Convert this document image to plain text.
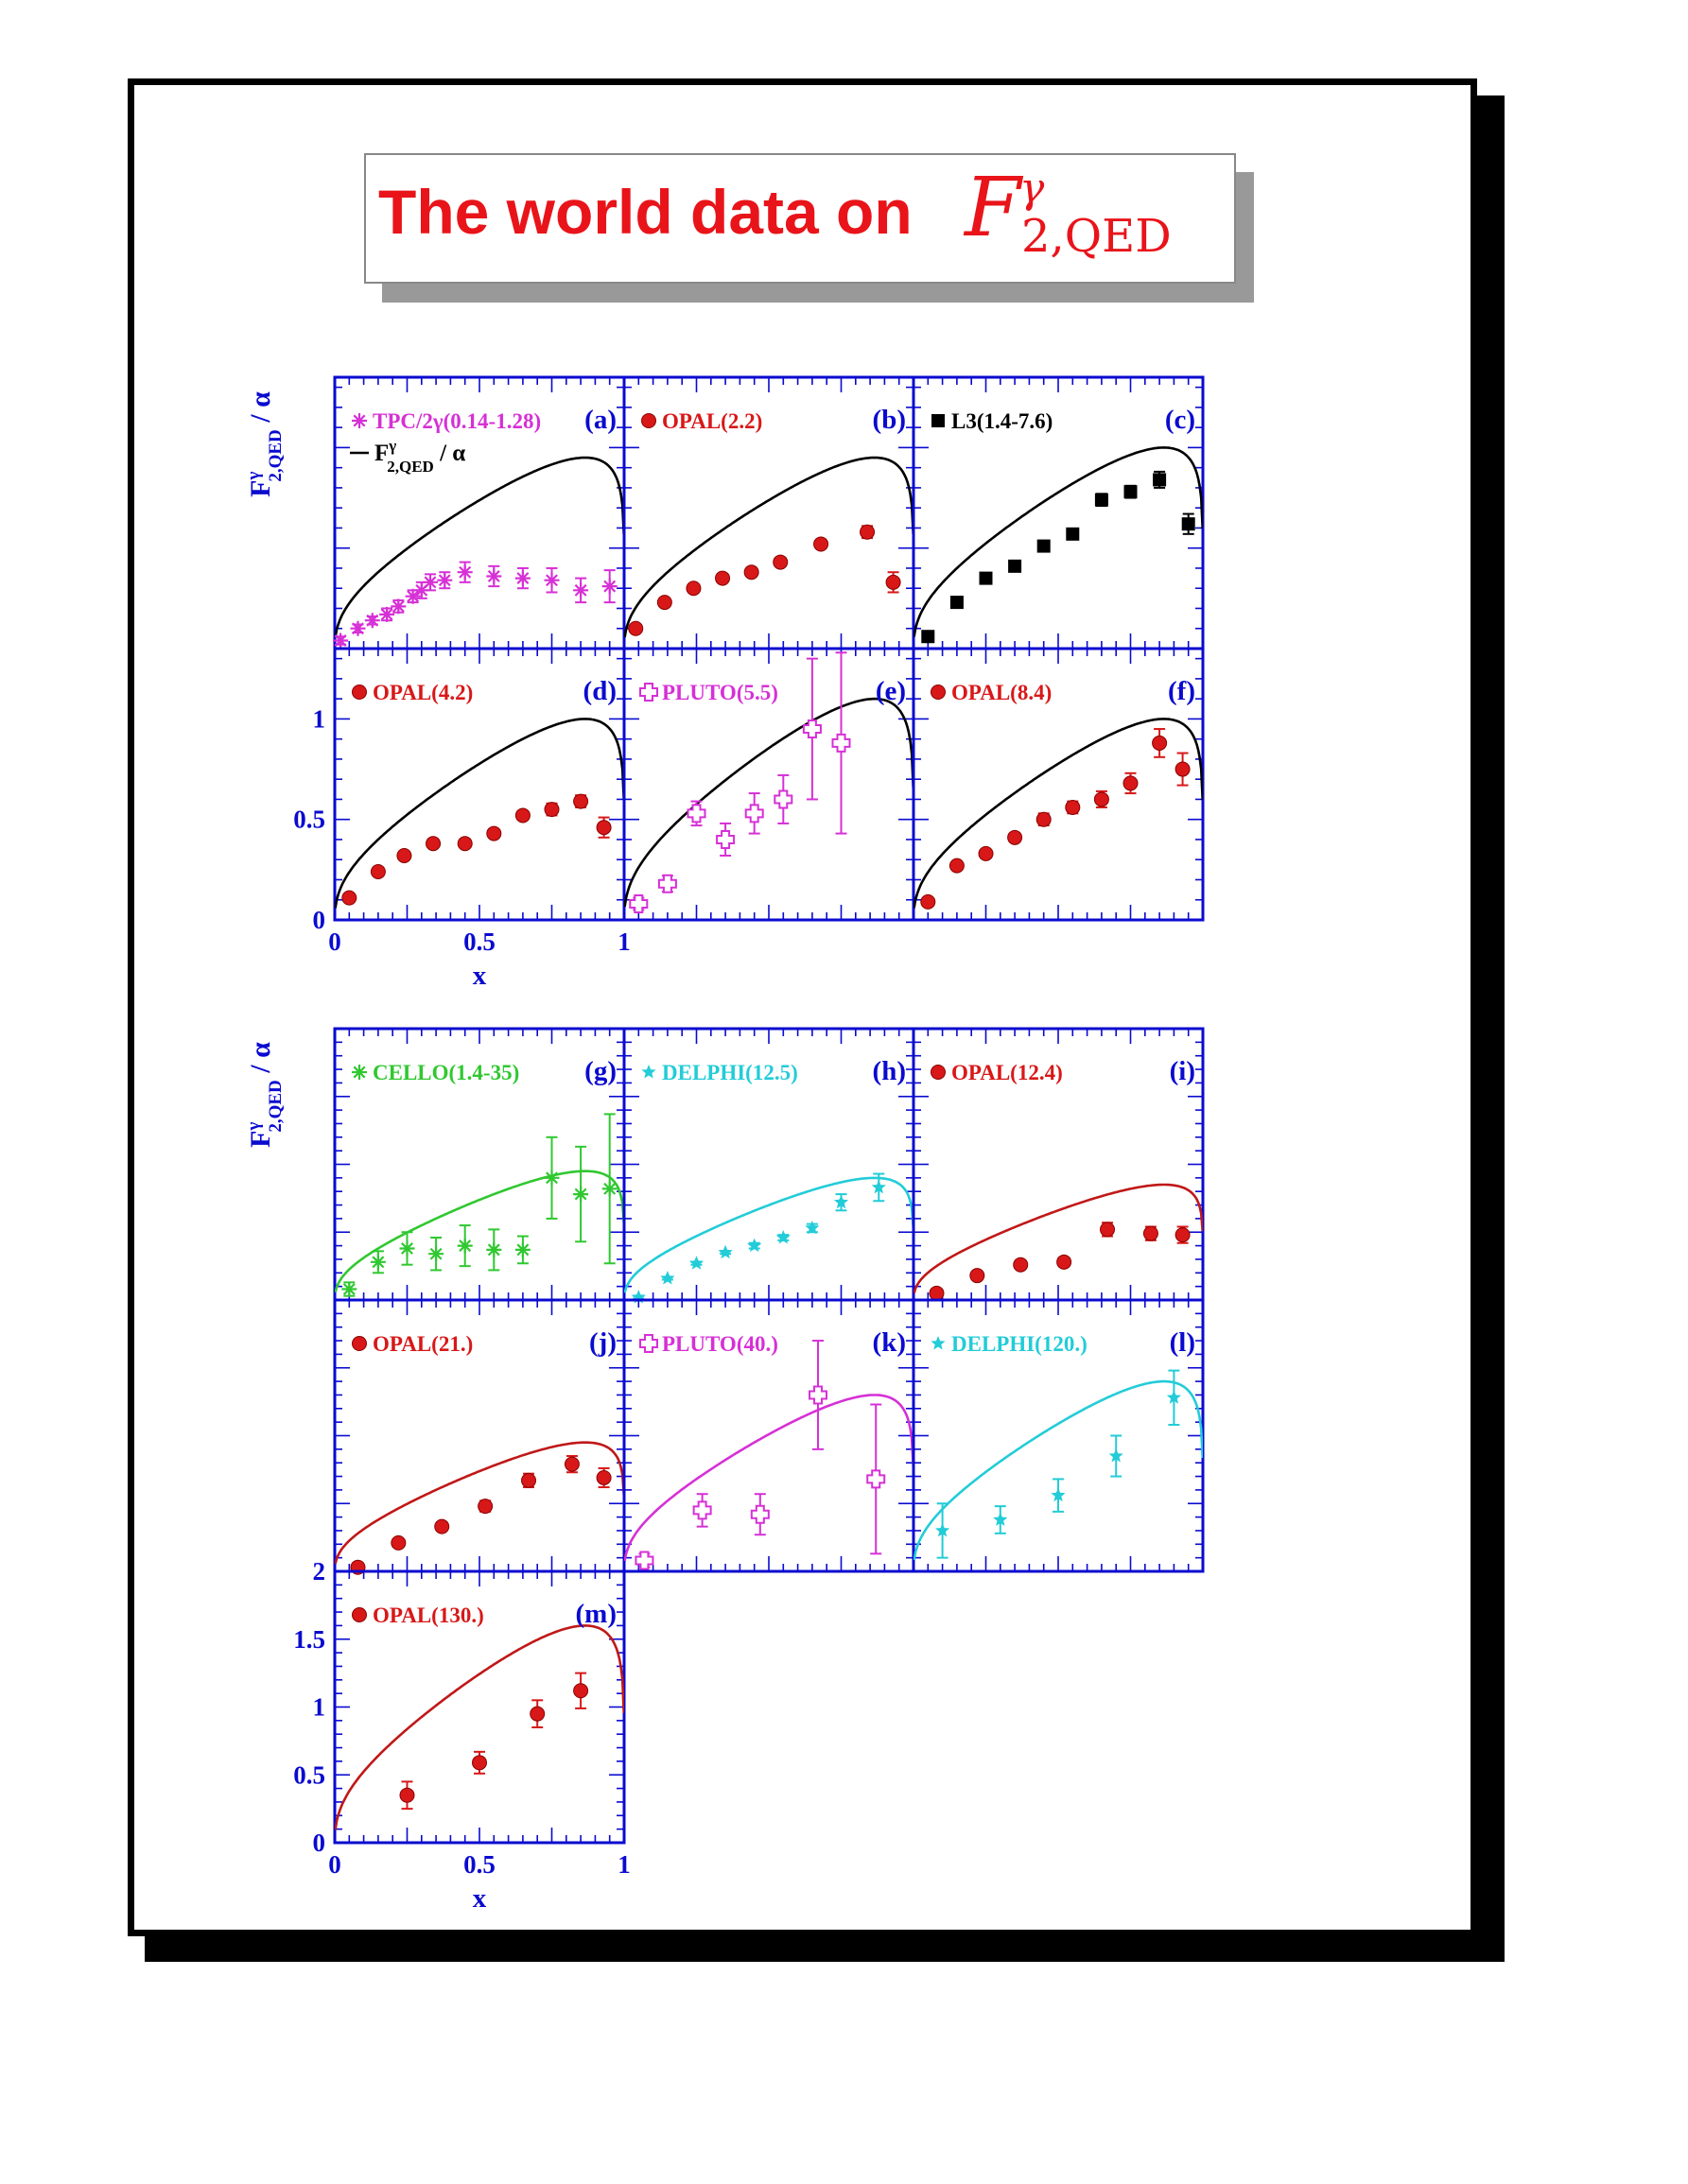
The world data on F
γ
2,QED
TPC/2γ(0.14-1.28) (a)
$F^\gamma$ 2,QED / α
OPAL(2.2)	(b) L3(1.4-7.6)	(c)
OPAL(4.2)	(d) PLUTO(5.5)	(e) OPAL(8.4)	(f)
0
0.5
1
0	0.5	1
x
$F^\gamma$ 2,QED / α
CELLO(1.4-35) (g) DELPHI(12.5)	(h) OPAL(12.4)	(i)
OPAL(21.)	(j) PLUTO(40.)	(k) DELPHI(120.)	(l)
OPAL(130.)	(m)
0
0.5
1
1.5
2
0	0.5	1
x
$F^\gamma$ 2,QED / α
